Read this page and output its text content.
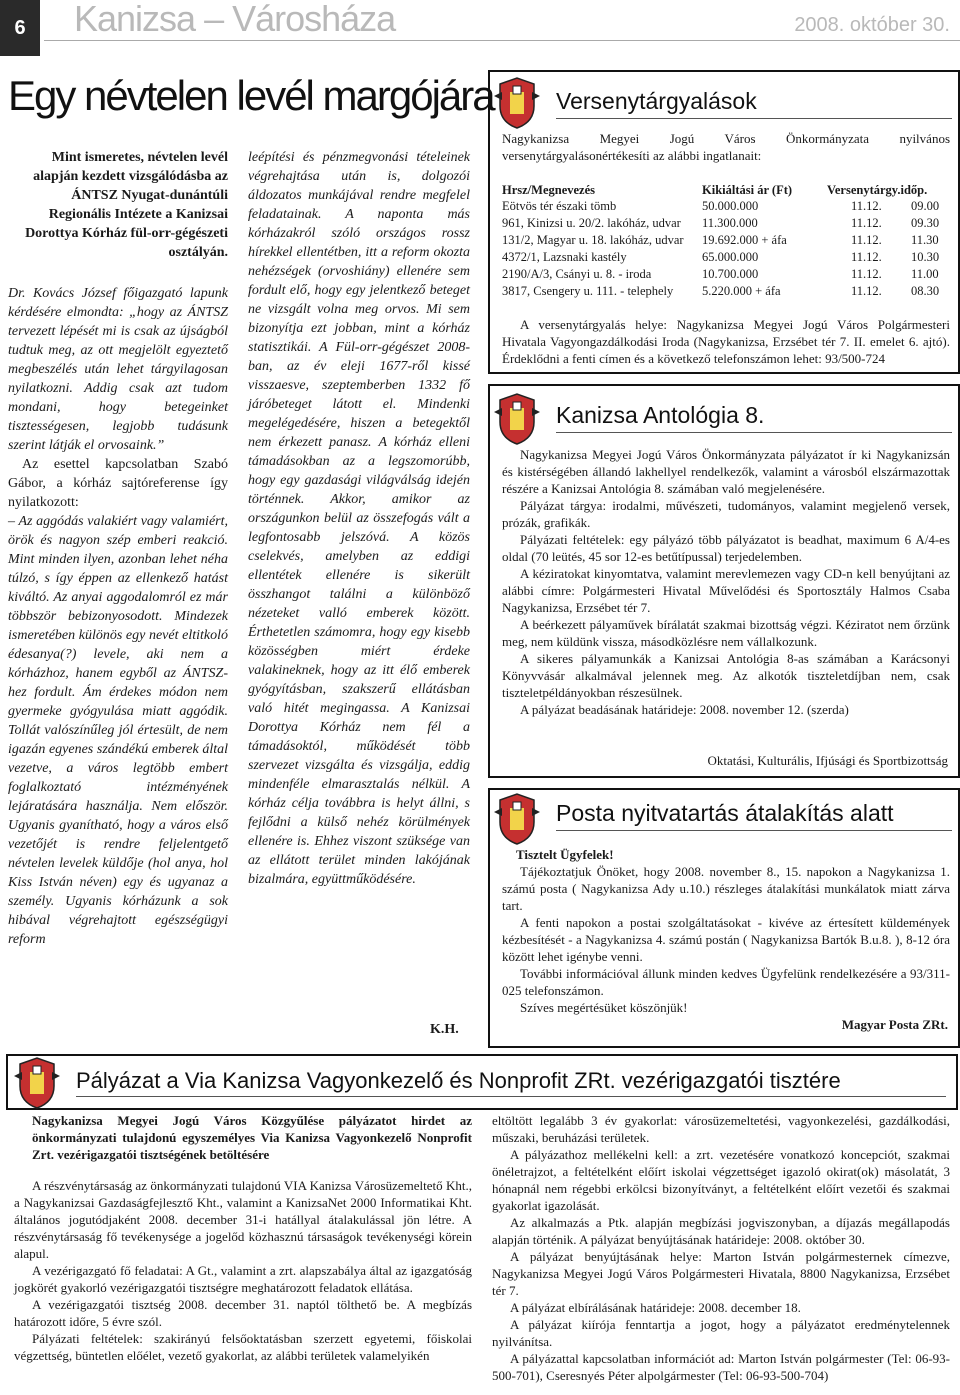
6	Kanizsa – Városháza	2008. október 30.
Egy névtelen levél margójára

Mint ismeretes, névtelen levél alapján kezdett vizsgálódásba az ÁNTSZ Nyugat-dunántúli Regionális Intézete a Kanizsai Dorottya Kórház fül-orr-gégészeti osztályán.

Dr. Kovács József főigazgató lapunk kérdésére elmondta: „hogy az ÁNTSZ tervezett lépését mi is csak az újságból tudtuk meg, az ott megjelölt egyeztető megbeszélés után lehet tárgyilagosan nyilatkozni. Addig csak azt tudom mondani, hogy betegeinket tisztességesen, legjobb tudásunk szerint látják el orvosaink.”

Az esettel kapcsolatban Szabó Gábor, a kórház sajtóreferense így nyilatkozott:

– Az aggódás valakiért vagy valamiért, örök és nagyon szép emberi reakció. Mint minden ilyen, azonban lehet néha túlzó, s így éppen az ellenkező hatást kiváltó. Az anyai aggodalomról ez már többször bebizonyosodott. Mindezek ismeretében különös egy nevét eltitkoló édesanya(?) levele, aki nem a kórházhoz, hanem egyből az ÁNTSZ-hez fordult. Ám érdekes módon nem gyermeke gyógyulása miatt aggódik. Tollát valószínűleg jól értesült, de nem igazán egyenes szándékú emberek által vezetve, a város legtöbb embert foglalkoztató intézményének lejáratására használja. Nem először. Ugyanis gyanítható, hogy a város első vezetőjét is rendre feljelentgető névtelen levelek küldője (hol anya, hol Kiss István néven) egy és ugyanaz a személy. Ugyanis kórházunk a sok hibával végrehajtott egészségügyi reform

leépítési és pénzmegvonási tételeinek végrehajtása után is, dolgozói áldozatos munkájával rendre megfelel feladatainak. A naponta más kórházakról szóló országos rossz hírekkel ellentétben, itt a reform okozta nehézségek (orvoshiány) ellenére sem fordult elő, hogy egy jelentkező beteget ne vizsgált volna meg orvos. Mi sem bizonyítja ezt jobban, mint a kórház statisztikái. A Fül-orr-gégészet 2008-ban, az év eleji 1677-ről kissé visszaesve, szeptemberben 1332 fő járóbeteget látott el. Mindenki megelégedésére, hiszen a betegektől nem érkezett panasz. A kórház elleni támadásokban az a legszomorúbb, hogy egy gazdasági világválság idején történnek. Akkor, amikor az országunkon belül az összefogás vált a legfontosabb jelszóvá. A közös cselekvés, amelyben az eddigi ellentétek ellenére is sikerült összhangot találni a különböző nézeteket valló emberek között. Érthetetlen számomra, hogy egy kisebb közösségben miért érdeke valakineknek, hogy az itt élő emberek gyógyításban, szakszerű ellátásban való hitét megingassa. A Kanizsai Dorottya Kórház nem fél a támadásoktól, működését több szervezet vizsgálta és vizsgálja, eddig mindenféle elmarasztalás nélkül. A kórház célja továbbra is helyt állni, s fejlődni a külső nehéz körülmények ellenére is. Ehhez viszont szüksége van az ellátott terület minden lakójának bizalmára, együttműködésére.

K.H.
Versenytárgyalások
Nagykanizsa Megyei Jogú Város Önkormányzata nyilvános versenytárgyalásonértékesíti az alábbi ingatlanait:
Hrsz/Megnevezés	Kikiáltási ár (Ft)	Versenytárgy.időp.	
Eötvös tér északi tömb	50.000.000	11.12.	09.00
961, Kinizsi u. 20/2. lakóház, udvar	11.300.000	11.12.	09.30
131/2, Magyar u. 18. lakóház, udvar	19.692.000 + áfa	11.12.	11.30
4372/1, Lazsnaki kastély	65.000.000	11.12.	10.30
2190/A/3, Csányi u. 8. - iroda	10.700.000	11.12.	11.00
3817, Csengery u. 111. - telephely	5.220.000 + áfa	11.12.	08.30
A versenytárgyalás helye: Nagykanizsa Megyei Jogú Város Polgármesteri Hivatala Vagyongazdálkodási Iroda (Nagykanizsa, Erzsébet tér 7. II. emelet 6. ajtó). Érdeklődni a fenti címen és a következő telefonszámon lehet: 93/500-724
Kanizsa Antológia 8.

Nagykanizsa Megyei Jogú Város Önkormányzata pályázatot ír ki Nagykanizsán és kistérségében állandó lakhellyel rendelkezők, valamint a városból elszármazottak részére a Kanizsai Antológia 8. számában való megjelenésére.

Pályázat tárgya: irodalmi, művészeti, tudományos, valamint megjelenő versek, prózák, grafikák.

Pályázati feltételek: egy pályázó több pályázatot is beadhat, maximum 6 A/4-es oldal (70 leütés, 45 sor 12-es betűtípussal) terjedelemben.

A kéziratokat kinyomtatva, valamint merevlemezen vagy CD-n kell benyújtani az alábbi címre: Polgármesteri Hivatal Művelődési és Sportosztály Halmos Csaba Nagykanizsa, Erzsébet tér 7.

A beérkezett pályaművek bírálatát szakmai bizottság végzi. Kéziratot nem őrzünk meg, nem küldünk vissza, másodközlésre nem vállalkozunk.

A sikeres pályamunkák a Kanizsai Antológia 8-as számában a Karácsonyi Könyvvásár alkalmával jelennek meg. Az alkotók tiszteletdíjban nem, csak tiszteletpéldányokban részesülnek.

A pályázat beadásának határideje: 2008. november 12. (szerda)

Oktatási, Kulturális, Ifjúsági és Sportbizottság
Posta nyitvatartás átalakítás alatt

Tisztelt Ügyfelek!

Tájékoztatjuk Önöket, hogy 2008. november 8., 15. napokon a Nagykanizsa 1. számú posta ( Nagykanizsa Ady u.10.) részleges átalakítási munkálatok miatt zárva tart.

A fenti napokon a postai szolgáltatásokat - kivéve az értesített küldemények kézbesítését - a Nagykanizsa 4. számú postán ( Nagykanizsa Bartók B.u.8. ), 8-12 óra között lehet igénybe venni.

További információval állunk minden kedves Ügyfelünk rendelkezésére a 93/311-025 telefonszámon.

Szíves megértésüket köszönjük!

Magyar Posta ZRt.
Pályázat a Via Kanizsa Vagyonkezelő és Nonprofit ZRt. vezérigazgatói tisztére

Nagykanizsa Megyei Jogú Város Közgyűlése pályázatot hirdet az önkormányzati tulajdonú egyszemélyes Via Kanizsa Vagyonkezelő Nonprofit Zrt. vezérigazgatói tisztségének betöltésére

A részvénytársaság az önkormányzati tulajdonú VIA Kanizsa Városüzemeltető Kht., a Nagykanizsai Gazdaságfejlesztő Kht., valamint a KanizsaNet 2000 Informatikai Kht. általános jogutódjaként 2008. december 31-i hatállyal átalakulással jön létre. A részvénytársaság fő tevékenysége a jogelőd közhasznú társaságok tevékenységi körein alapul.

A vezérigazgató fő feladatai: A Gt., valamint a zrt. alapszabálya által az igazgatóság jogkörét gyakorló vezérigazgatói tisztségre meghatározott feladatok ellátása.

A vezérigazgatói tisztség 2008. december 31. naptól tölthető be. A megbízás határozott időre, 5 évre szól.

Pályázati feltételek: szakirányú felsőoktatásban szerzett egyetemi, főiskolai végzettség, büntetlen előélet, vezető gyakorlat, az alábbi területek valamelyikén

eltöltött legalább 3 év gyakorlat: városüzemeltetési, vagyonkezelési, gazdálkodási, műszaki, beruházási területek.

A pályázathoz mellékelni kell: a zrt. vezetésére vonatkozó koncepciót, szakmai önéletrajzot, a feltételként előírt iskolai végzettséget igazoló okirat(ok) másolatát, 3 hónapnál nem régebbi erkölcsi bizonyítványt, a feltételként előírt vezetői és szakmai gyakorlat igazolását.

Az alkalmazás a Ptk. alapján megbízási jogviszonyban, a díjazás megállapodás alapján történik. A pályázat benyújtásának határideje: 2008. október 30.

A pályázat benyújtásának helye: Marton István polgármesternek címezve, Nagykanizsa Megyei Jogú Város Polgármesteri Hivatala, 8800 Nagykanizsa, Erzsébet tér 7.

A pályázat elbírálásának határideje: 2008. december 18.

A pályázat kiírója fenntartja a jogot, hogy a pályázatot eredménytelennek nyilvánítsa.

A pályázattal kapcsolatban információt ad: Marton István polgármester (Tel: 06-93-500-701), Cseresnyés Péter alpolgármester (Tel: 06-93-500-704)
